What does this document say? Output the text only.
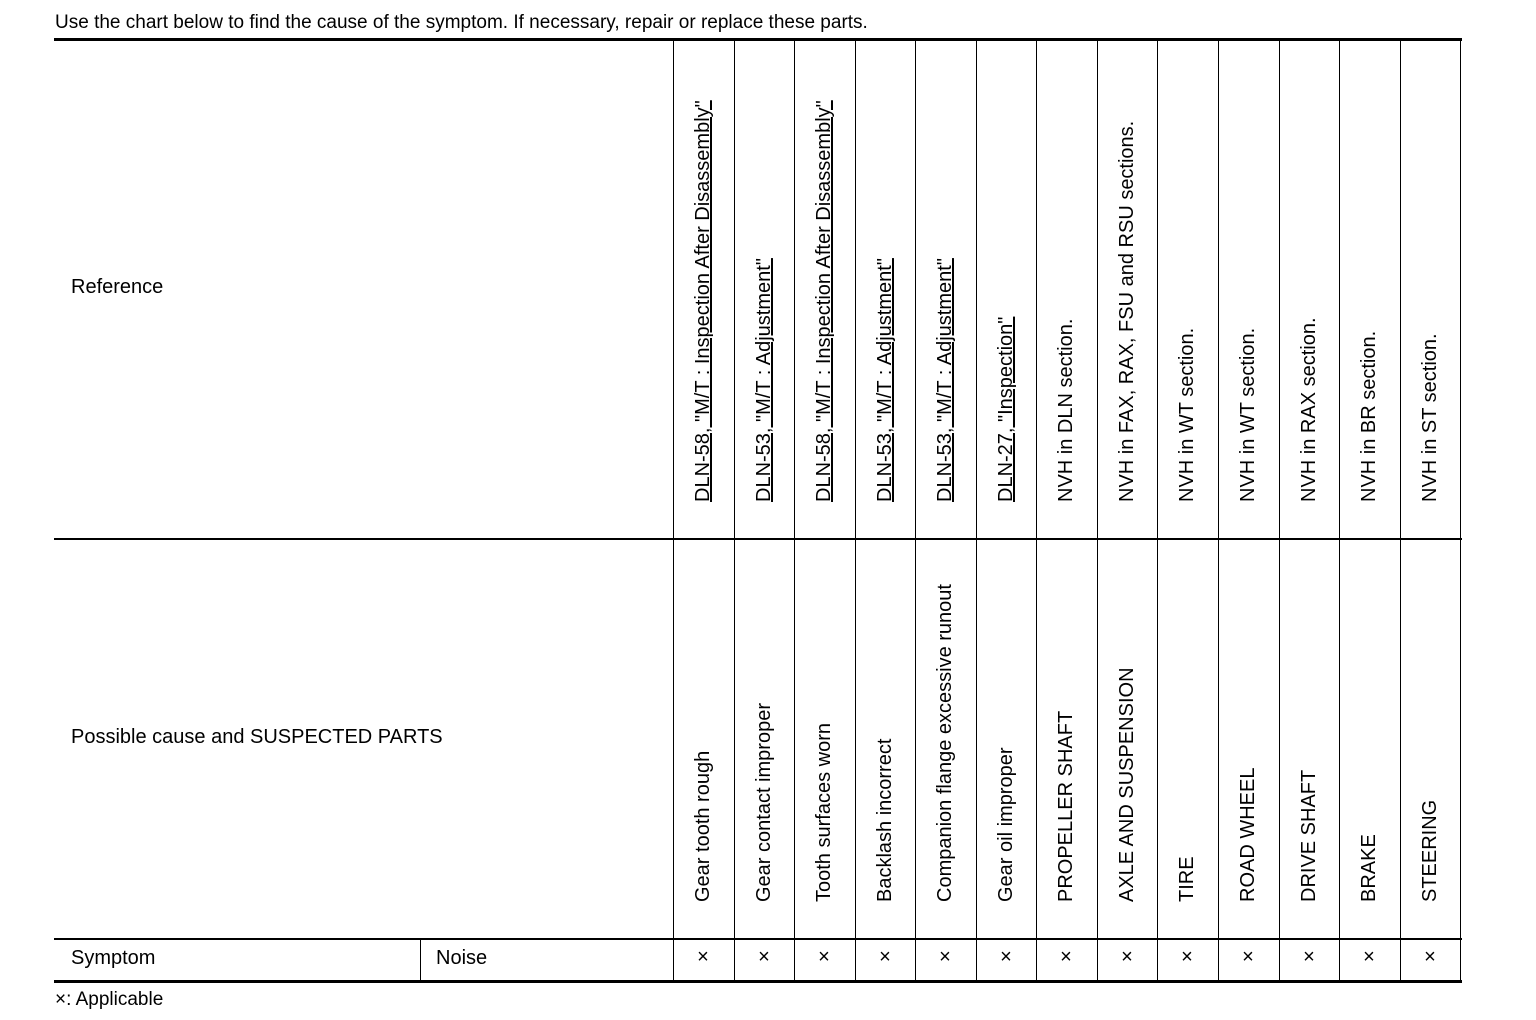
Use the chart below to find the cause of the symptom. If necessary, repair or replace these parts.
Reference
Possible cause and SUSPECTED PARTS
Symptom	Noise
DLN-58, "M/T : Inspection After Disassembly"
Gear tooth rough
×
DLN-53, "M/T : Adjustment"
Gear contact improper
×
DLN-58, "M/T : Inspection After Disassembly"
Tooth surfaces worn
×
DLN-53, "M/T : Adjustment"
Backlash incorrect
×
DLN-53, "M/T : Adjustment"
Companion flange excessive runout
×
DLN-27, "Inspection"
Gear oil improper
×
NVH in DLN section.
PROPELLER SHAFT
×
NVH in FAX, RAX, FSU and RSU sections.
AXLE AND SUSPENSION
×
NVH in WT section.
TIRE
×
NVH in WT section.
ROAD WHEEL
×
NVH in RAX section.
DRIVE SHAFT
×
NVH in BR section.
BRAKE
×
NVH in ST section.
STEERING
×
×: Applicable
